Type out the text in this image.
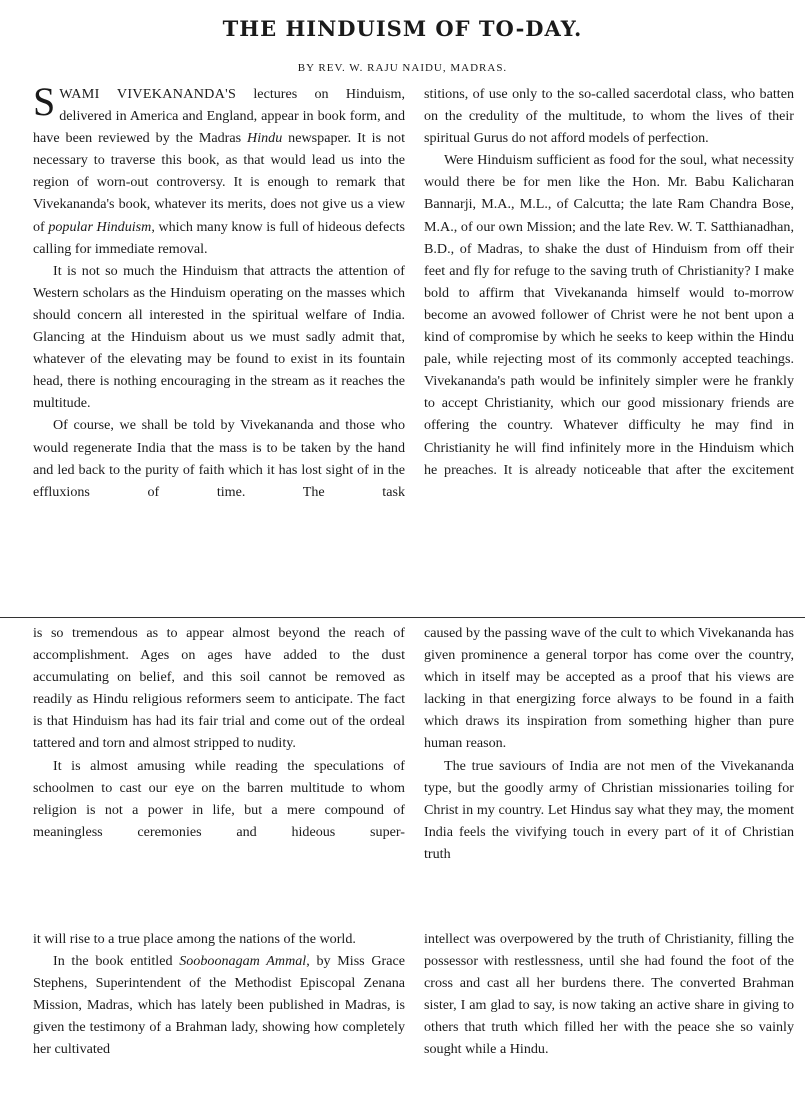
THE HINDUISM OF TO-DAY.
BY REV. W. RAJU NAIDU, MADRAS.

SWAMI VIVEKANANDA'S lectures on Hinduism, delivered in America and England, appear in book form, and have been reviewed by the Madras Hindu newspaper. It is not necessary to traverse this book, as that would lead us into the region of worn-out controversy. It is enough to remark that Vivekananda's book, whatever its merits, does not give us a view of popular Hinduism, which many know is full of hideous defects calling for immediate removal.

It is not so much the Hinduism that attracts the attention of Western scholars as the Hinduism operating on the masses which should concern all interested in the spiritual welfare of India. Glancing at the Hinduism about us we must sadly admit that, whatever of the elevating may be found to exist in its fountain head, there is nothing encouraging in the stream as it reaches the multitude.

Of course, we shall be told by Vivekananda and those who would regenerate India that the mass is to be taken by the hand and led back to the purity of faith which it has lost sight of in the effluxions of time. The task

stitions, of use only to the so-called sacerdotal class, who batten on the credulity of the multitude, to whom the lives of their spiritual Gurus do not afford models of perfection.

Were Hinduism sufficient as food for the soul, what necessity would there be for men like the Hon. Mr. Babu Kalicharan Bannarji, M.A., M.L., of Calcutta; the late Ram Chandra Bose, M.A., of our own Mission; and the late Rev. W. T. Satthianadhan, B.D., of Madras, to shake the dust of Hinduism from off their feet and fly for refuge to the saving truth of Christianity? I make bold to affirm that Vivekananda himself would to-morrow become an avowed follower of Christ were he not bent upon a kind of compromise by which he seeks to keep within the Hindu pale, while rejecting most of its commonly accepted teachings. Vivekananda's path would be infinitely simpler were he frankly to accept Christianity, which our good missionary friends are offering the country. Whatever difficulty he may find in Christianity he will find infinitely more in the Hinduism which he preaches. It is already noticeable that after the excitement

is so tremendous as to appear almost beyond the reach of accomplishment. Ages on ages have added to the dust accumulating on belief, and this soil cannot be removed as readily as Hindu religious reformers seem to anticipate. The fact is that Hinduism has had its fair trial and come out of the ordeal tattered and torn and almost stripped to nudity.

It is almost amusing while reading the speculations of schoolmen to cast our eye on the barren multitude to whom religion is not a power in life, but a mere compound of meaningless ceremonies and hideous super-

caused by the passing wave of the cult to which Vivekananda has given prominence a general torpor has come over the country, which in itself may be accepted as a proof that his views are lacking in that energizing force always to be found in a faith which draws its inspiration from something higher than pure human reason.

The true saviours of India are not men of the Vivekananda type, but the goodly army of Christian missionaries toiling for Christ in my country. Let Hindus say what they may, the moment India feels the vivifying touch in every part of it of Christian truth

it will rise to a true place among the nations of the world.

In the book entitled Sooboonagam Ammal, by Miss Grace Stephens, Superintendent of the Methodist Episcopal Zenana Mission, Madras, which has lately been published in Madras, is given the testimony of a Brahman lady, showing how completely her cultivated

intellect was overpowered by the truth of Christianity, filling the possessor with restlessness, until she had found the foot of the cross and cast all her burdens there. The converted Brahman sister, I am glad to say, is now taking an active share in giving to others that truth which filled her with the peace she so vainly sought while a Hindu.
